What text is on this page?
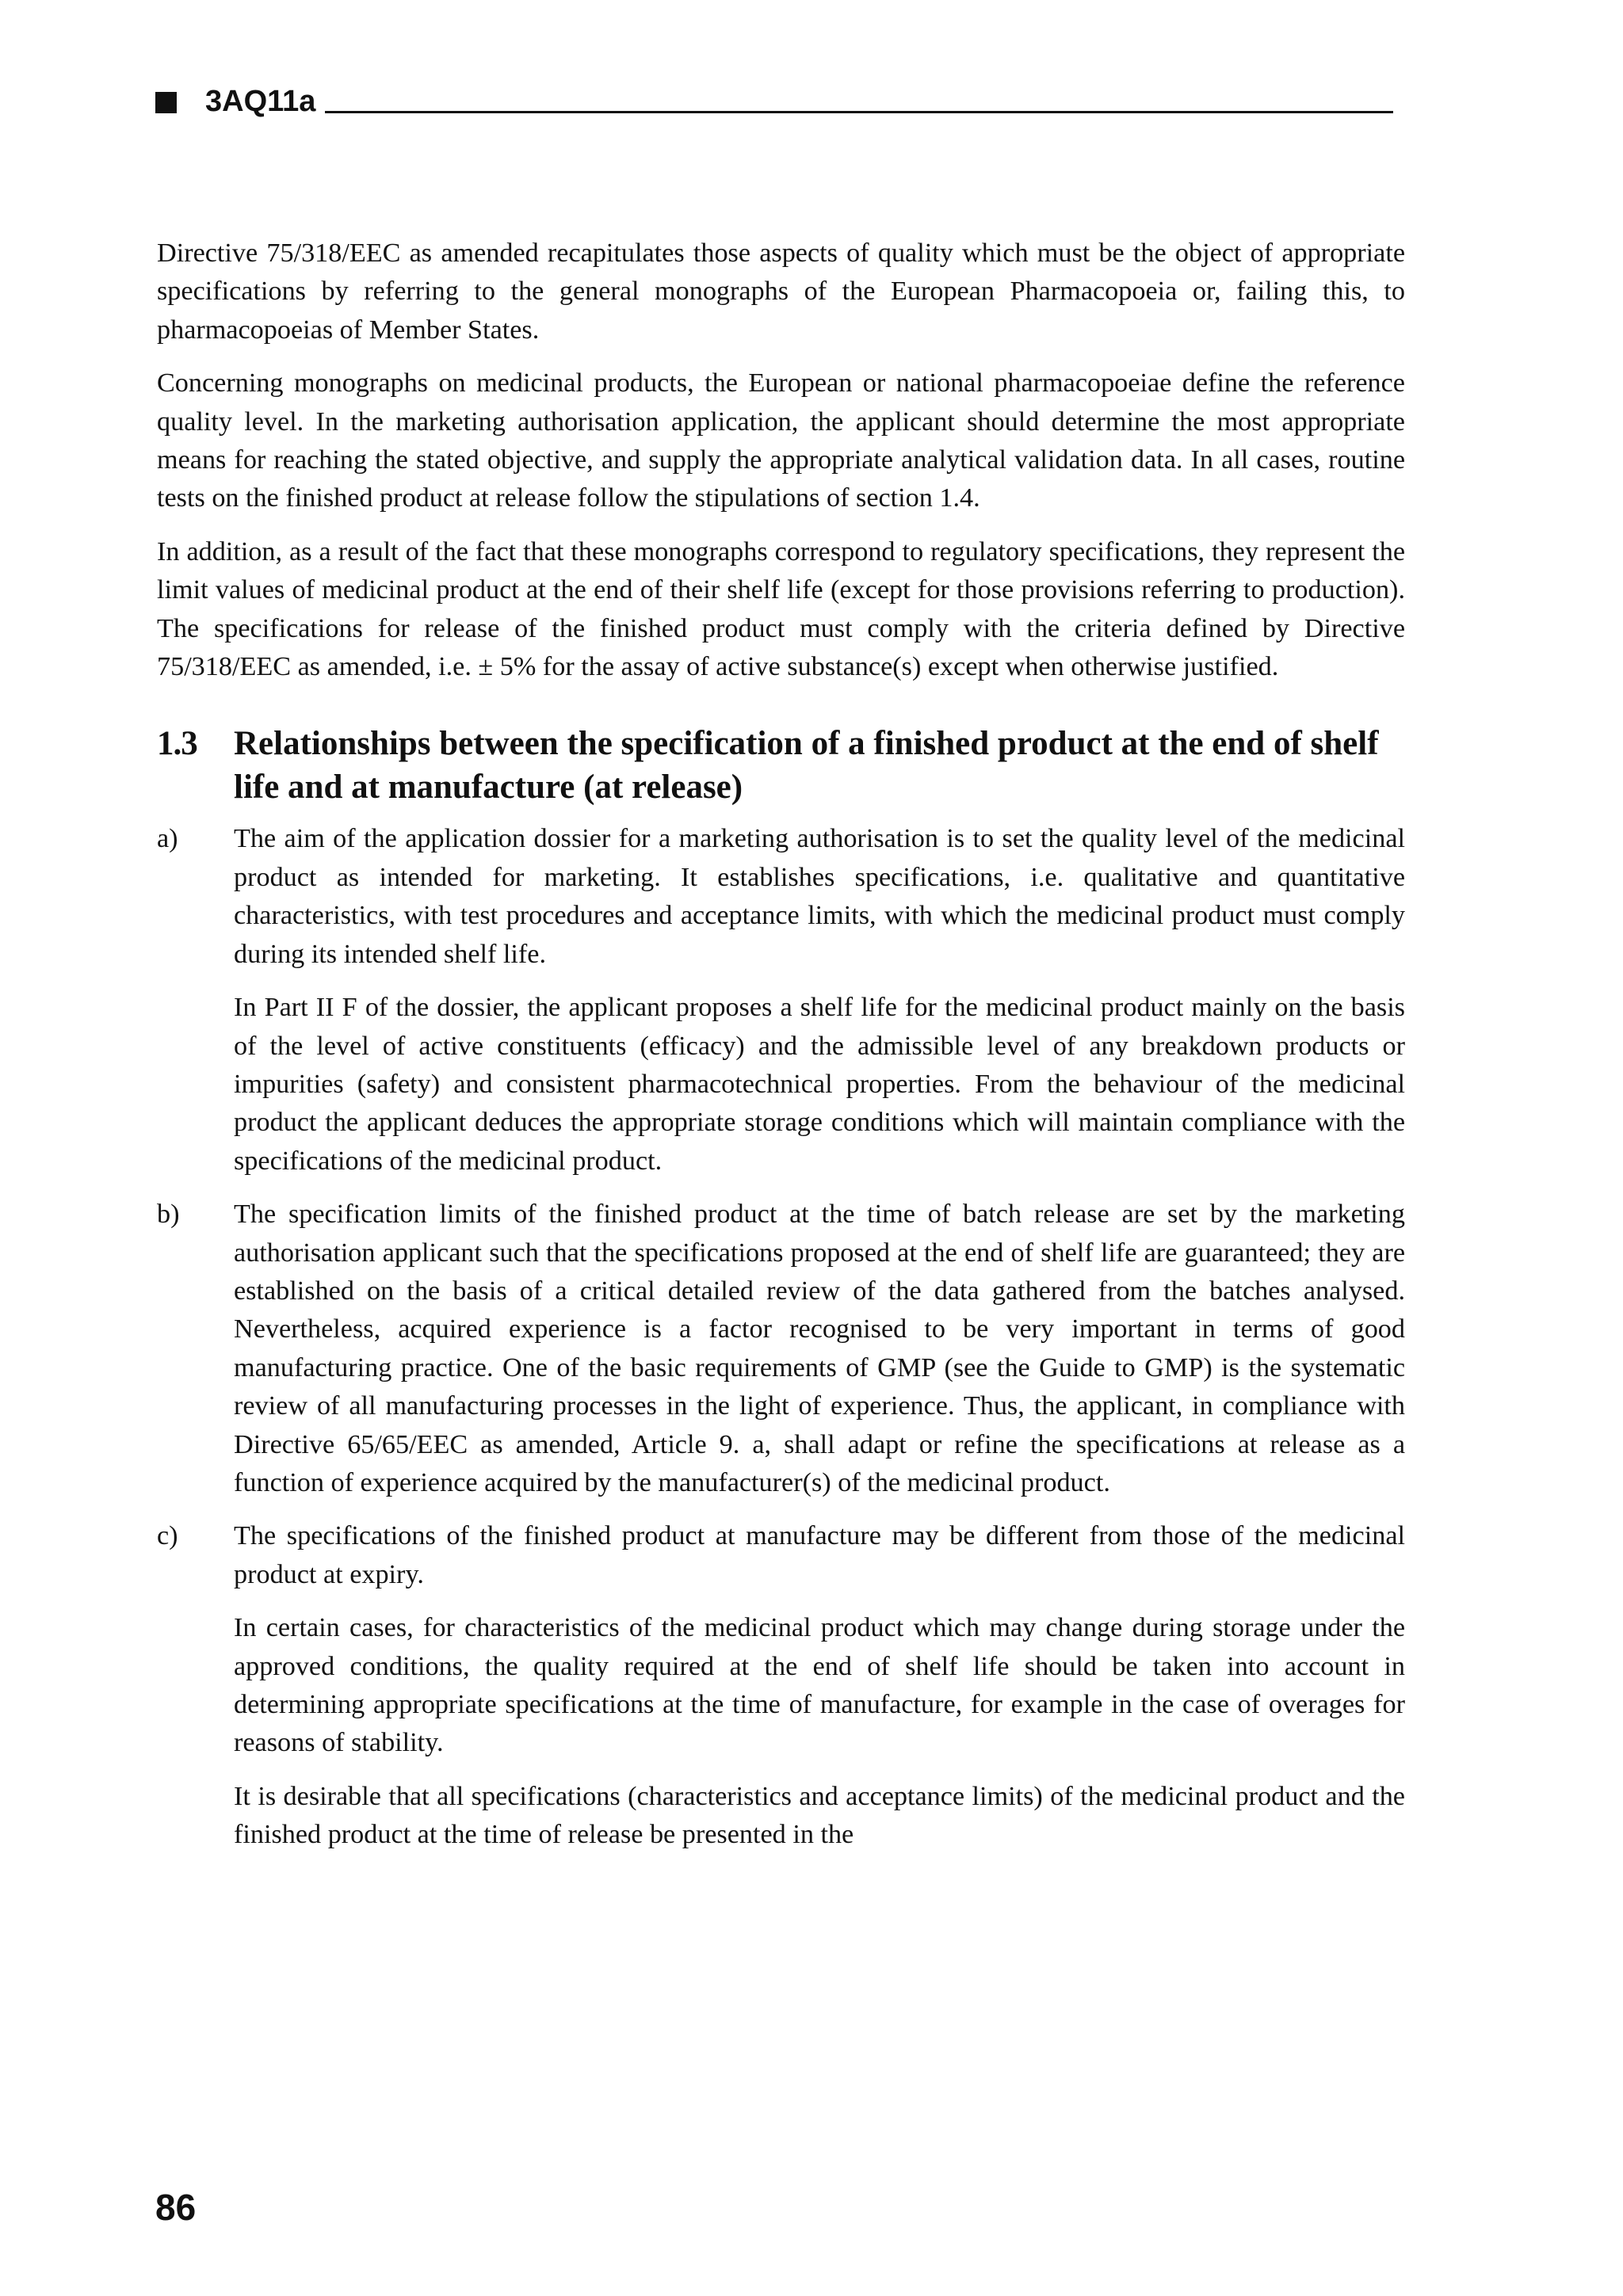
3AQ11a

Directive 75/318/EEC as amended recapitulates those aspects of quality which must be the object of appropriate specifications by referring to the general monographs of the European Pharmacopoeia or, failing this, to pharmacopoeias of Member States.

Concerning monographs on medicinal products, the European or national pharmacopoeiae define the reference quality level. In the marketing authorisation application, the applicant should determine the most appropriate means for reaching the stated objective, and supply the appropriate analytical validation data. In all cases, routine tests on the finished product at release follow the stipulations of section 1.4.

In addition, as a result of the fact that these monographs correspond to regulatory specifications, they represent the limit values of medicinal product at the end of their shelf life (except for those provisions referring to production). The specifications for release of the finished product must comply with the criteria defined by Directive 75/318/EEC as amended, i.e. ± 5% for the assay of active substance(s) except when otherwise justified.

1.3	Relationships between the specification of a finished product at the end of shelf life and at manufacture (at release)
a)	The aim of the application dossier for a marketing authorisation is to set the quality level of the medicinal product as intended for marketing. It establishes specifications, i.e. qualitative and quantitative characteristics, with test procedures and acceptance limits, with which the medicinal product must comply during its intended shelf life.

In Part II F of the dossier, the applicant proposes a shelf life for the medicinal product mainly on the basis of the level of active constituents (efficacy) and the admissible level of any breakdown products or impurities (safety) and consistent pharmacotechnical properties. From the behaviour of the medicinal product the applicant deduces the appropriate storage conditions which will maintain compliance with the specifications of the medicinal product.

b)	The specification limits of the finished product at the time of batch release are set by the marketing authorisation applicant such that the specifications proposed at the end of shelf life are guaranteed; they are established on the basis of a critical detailed review of the data gathered from the batches analysed. Nevertheless, acquired experience is a factor recognised to be very important in terms of good manufacturing practice. One of the basic requirements of GMP (see the Guide to GMP) is the systematic review of all manufacturing processes in the light of experience. Thus, the applicant, in compliance with Directive 65/65/EEC as amended, Article 9. a, shall adapt or refine the specifications at release as a function of experience acquired by the manufacturer(s) of the medicinal product.
c)	The specifications of the finished product at manufacture may be different from those of the medicinal product at expiry.

In certain cases, for characteristics of the medicinal product which may change during storage under the approved conditions, the quality required at the end of shelf life should be taken into account in determining appropriate specifications at the time of manufacture, for example in the case of overages for reasons of stability.

It is desirable that all specifications (characteristics and acceptance limits) of the medicinal product and the finished product at the time of release be presented in the

86
